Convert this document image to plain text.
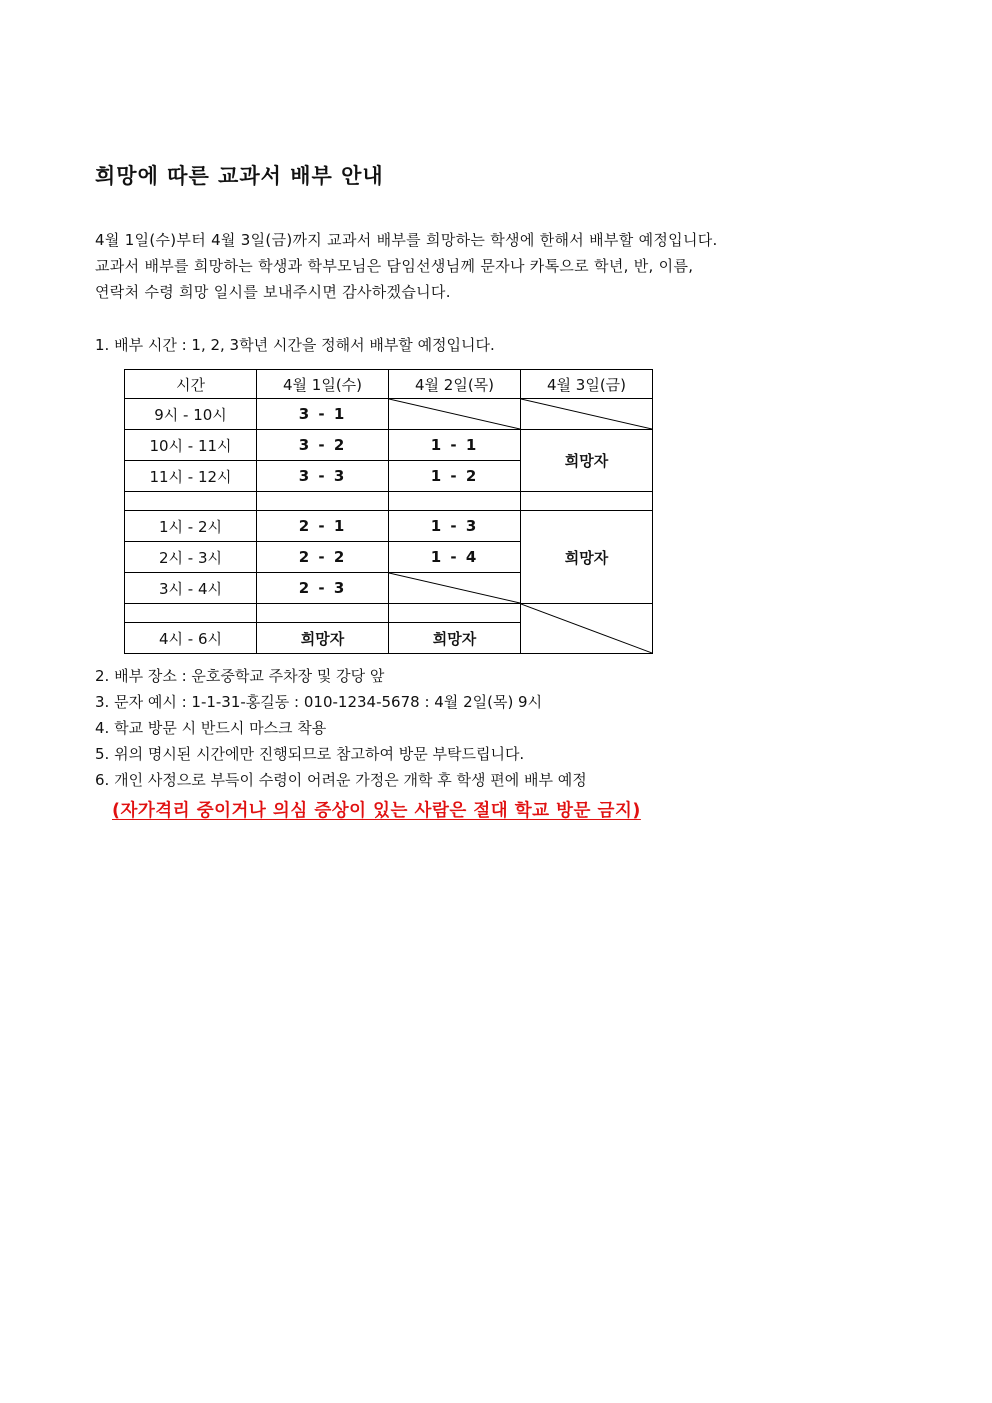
희망에 따른 교과서 배부 안내
4월 1일(수)부터 4월 3일(금)까지 교과서 배부를 희망하는 학생에 한해서 배부할 예정입니다.
교과서 배부를 희망하는 학생과 학부모님은 담임선생님께 문자나 카톡으로 학년, 반, 이름,
연락처 수령 희망 일시를 보내주시면 감사하겠습니다.
1. 배부 시간 : 1, 2, 3학년 시간을 정해서 배부할 예정입니다.
시간	4월 1일(수)	4월 2일(목)	4월 3일(금)
9시 - 10시	3 - 1	

10시 - 11시	3 - 2	1 - 1	희망자
11시 - 12시	3 - 3	1 - 2	

1시 - 2시	2 - 1	1 - 3	희망자
2시 - 3시	2 - 2	1 - 4	
3시 - 4시	2 - 3	

4시 - 6시	희망자	희망자	
2. 배부 장소 : 운호중학교 주차장 및 강당 앞
3. 문자 예시 : 1-1-31-홍길동 : 010-1234-5678 : 4월 2일(목) 9시
4. 학교 방문 시 반드시 마스크 착용
5. 위의 명시된 시간에만 진행되므로 참고하여 방문 부탁드립니다.
6. 개인 사정으로 부득이 수령이 어려운 가정은 개학 후 학생 편에 배부 예정
(자가격리 중이거나 의심 증상이 있는 사람은 절대 학교 방문 금지)
